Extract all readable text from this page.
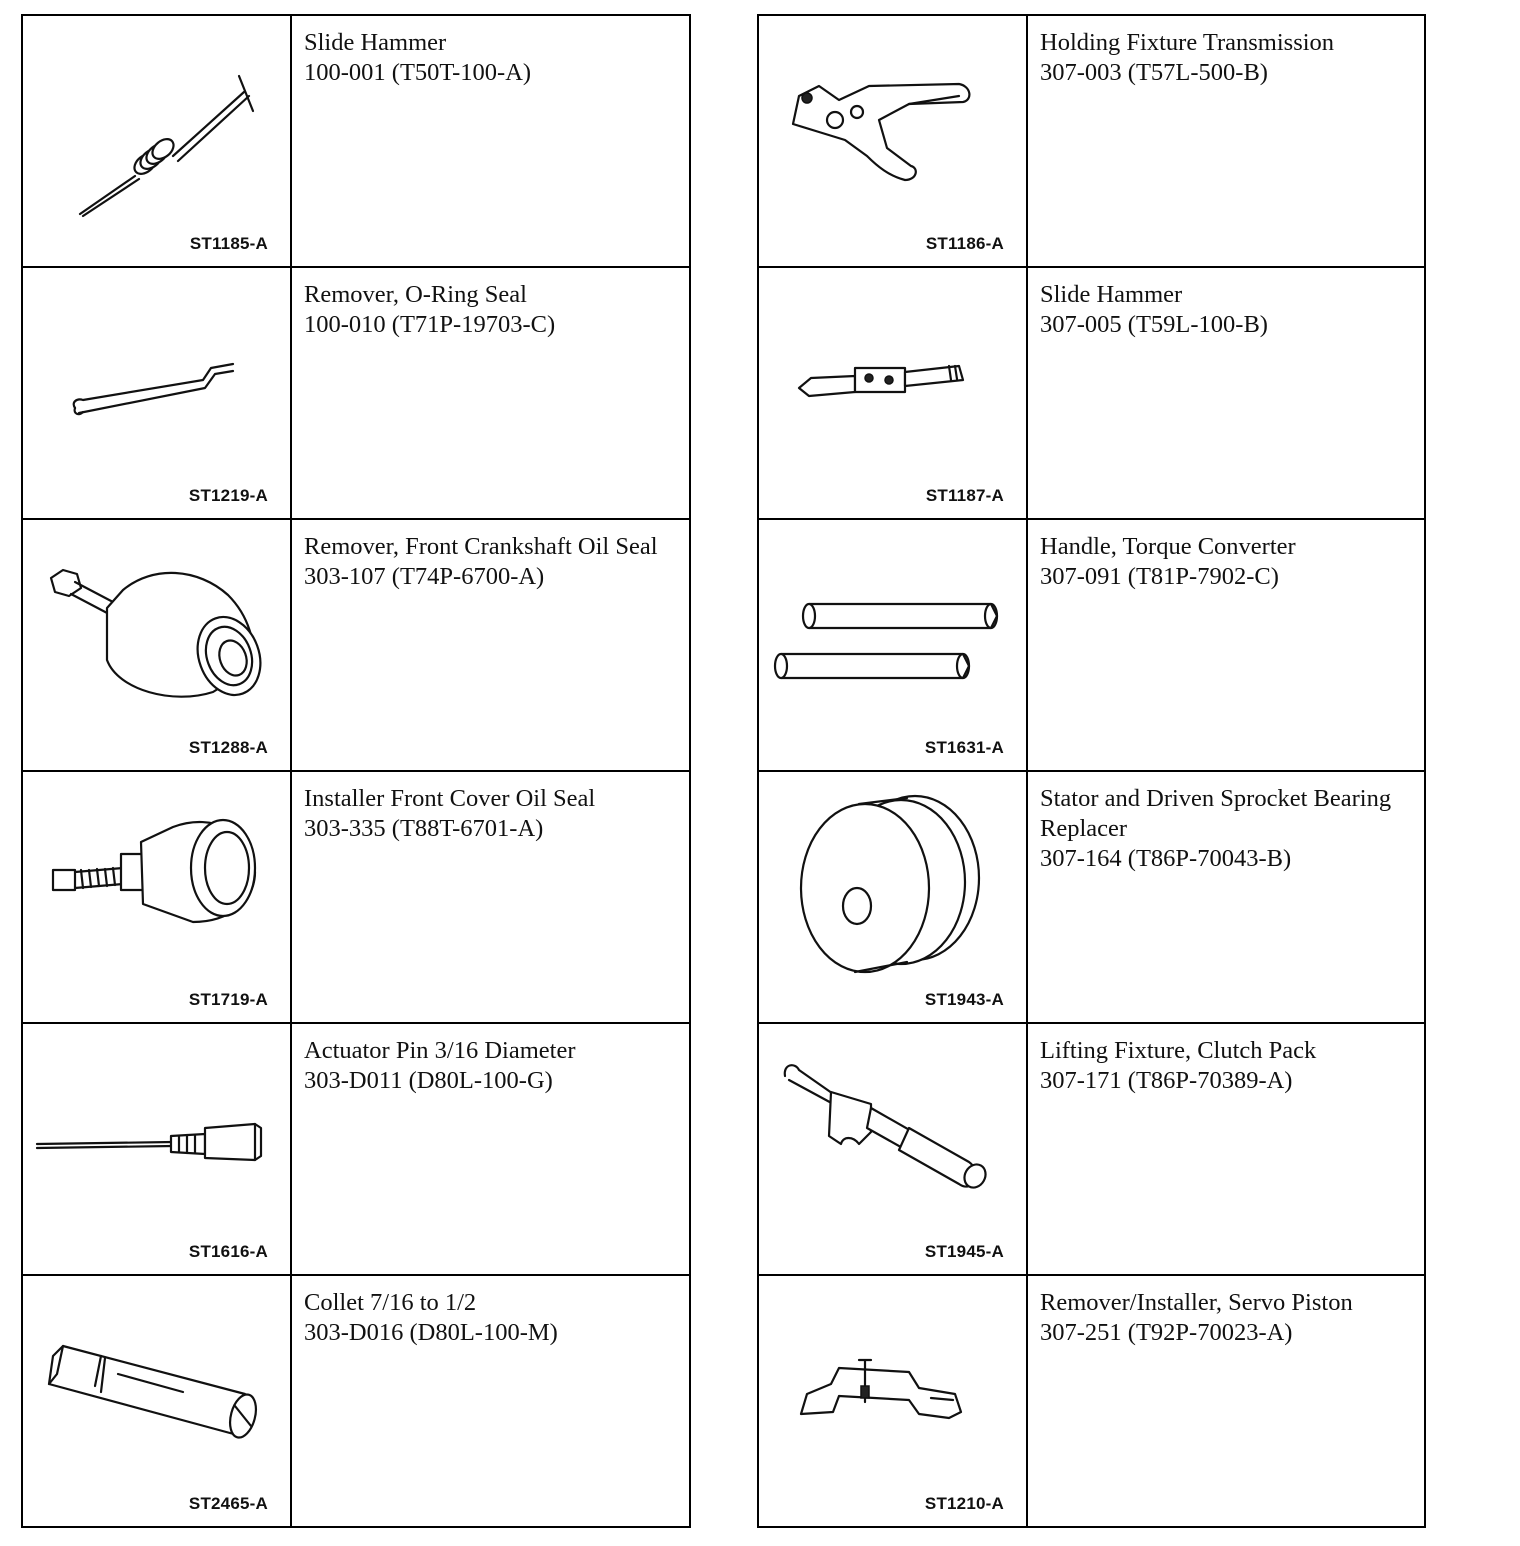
ST1185-A	Slide Hammer
100-001 (T50T-100-A)

ST1219-A	Remover, O-Ring Seal
100-010 (T71P-19703-C)

ST1288-A	Remover, Front Crankshaft Oil Seal
303-107 (T74P-6700-A)

ST1719-A	Installer Front Cover Oil Seal
303-335 (T88T-6701-A)

ST1616-A	Actuator Pin 3/16 Diameter
303-D011 (D80L-100-G)

ST2465-A	Collet 7/16 to 1/2
303-D016 (D80L-100-M)
ST1186-A	Holding Fixture Transmission
307-003 (T57L-500-B)

ST1187-A	Slide Hammer
307-005 (T59L-100-B)

ST1631-A	Handle, Torque Converter
307-091 (T81P-7902-C)

ST1943-A	Stator and Driven Sprocket Bearing Replacer
307-164 (T86P-70043-B)

ST1945-A	Lifting Fixture, Clutch Pack
307-171 (T86P-70389-A)

ST1210-A	Remover/Installer, Servo Piston
307-251 (T92P-70023-A)
